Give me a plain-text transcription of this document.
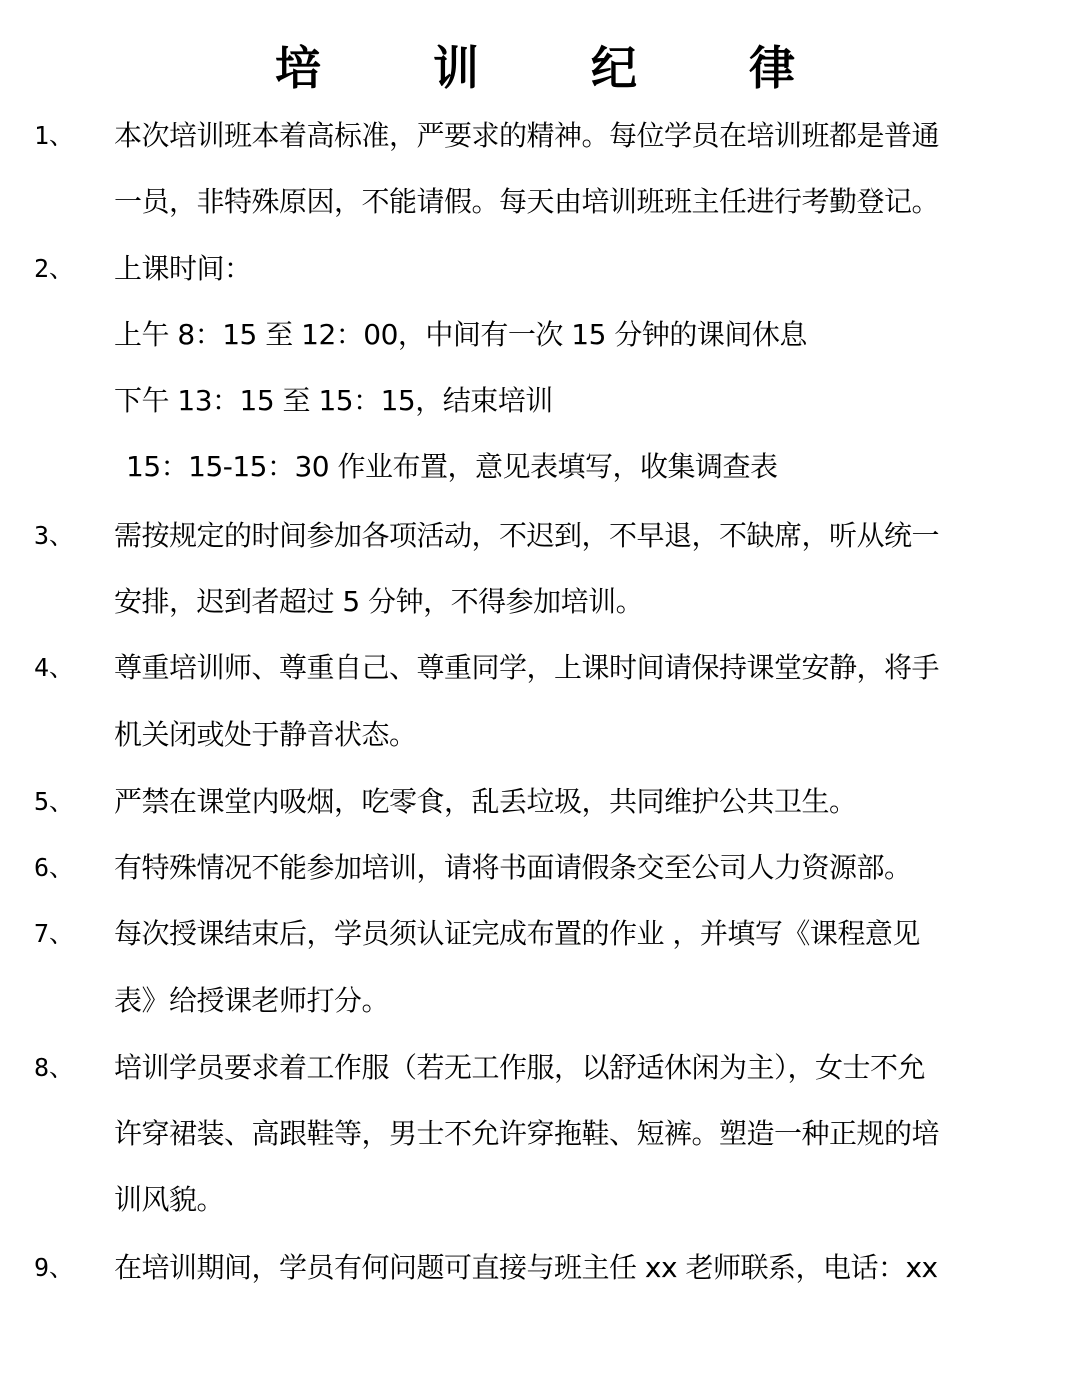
培 训 纪 律
1、 本次培训班本着高标准，严要求的精神。每位学员在培训班都是普通
一员，非特殊原因，不能请假。每天由培训班班主任进行考勤登记。
2、 上课时间：
上午 8：15 至 12：00，中间有一次 15 分钟的课间休息
下午 13：15 至 15：15，结束培训
15：15-15：30 作业布置，意见表填写，收集调查表
3、 需按规定的时间参加各项活动，不迟到，不早退，不缺席，听从统一
安排，迟到者超过 5 分钟，不得参加培训。
4、 尊重培训师、尊重自己、尊重同学，上课时间请保持课堂安静，将手
机关闭或处于静音状态。
5、 严禁在课堂内吸烟，吃零食，乱丢垃圾，共同维护公共卫生。
6、 有特殊情况不能参加培训，请将书面请假条交至公司人力资源部。
7、 每次授课结束后，学员须认证完成布置的作业 ，并填写《课程意见
表》给授课老师打分。
8、 培训学员要求着工作服（若无工作服，以舒适休闲为主），女士不允
许穿裙装、高跟鞋等，男士不允许穿拖鞋、短裤。塑造一种正规的培
训风貌。
9、 在培训期间，学员有何问题可直接与班主任 xx 老师联系，电话：xx
